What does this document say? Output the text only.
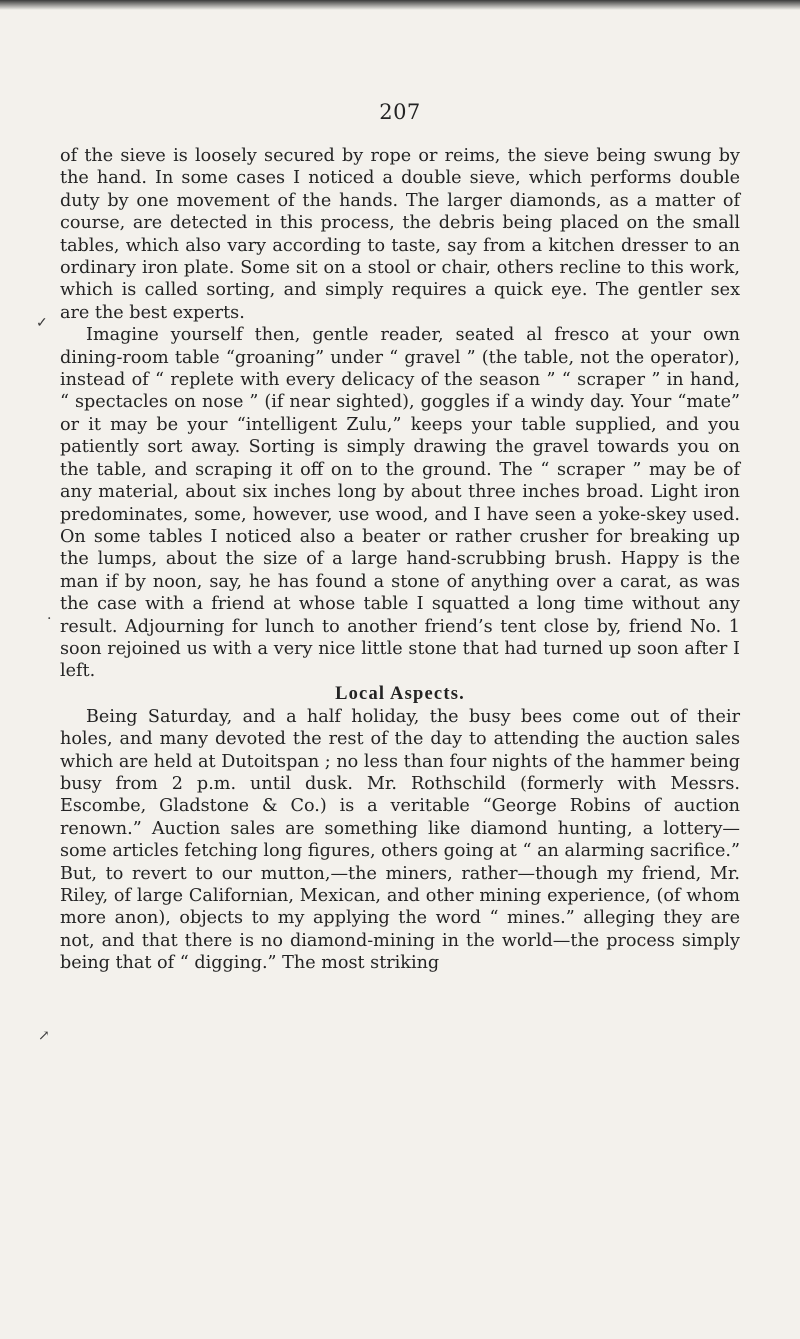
207
✓
.
↗

of the sieve is loosely secured by rope or reims, the sieve being swung by the hand. In some cases I noticed a double sieve, which performs double duty by one movement of the hands. The larger diamonds, as a matter of course, are detected in this process, the debris being placed on the small tables, which also vary according to taste, say from a kitchen dresser to an ordinary iron plate. Some sit on a stool or chair, others recline to this work, which is called sorting, and simply requires a quick eye. The gentler sex are the best experts.

Imagine yourself then, gentle reader, seated al fresco at your own dining-room table “groaning” under “ gravel ” (the table, not the operator), instead of “ replete with every delicacy of the season ” “ scraper ” in hand, “ spectacles on nose ” (if near sighted), goggles if a windy day. Your “mate” or it may be your “intelligent Zulu,” keeps your table supplied, and you patiently sort away. Sorting is simply drawing the gravel towards you on the table, and scraping it off on to the ground. The “ scraper ” may be of any material, about six inches long by about three inches broad. Light iron predominates, some, however, use wood, and I have seen a yoke-skey used. On some tables I noticed also a beater or rather crusher for breaking up the lumps, about the size of a large hand-scrubbing brush. Happy is the man if by noon, say, he has found a stone of anything over a carat, as was the case with a friend at whose table I squatted a long time without any result. Adjourning for lunch to another friend’s tent close by, friend No. 1 soon rejoined us with a very nice little stone that had turned up soon after I left.

Local Aspects.

Being Saturday, and a half holiday, the busy bees come out of their holes, and many devoted the rest of the day to attending the auction sales which are held at Dutoitspan ; no less than four nights of the hammer being busy from 2 p.m. until dusk. Mr. Rothschild (formerly with Messrs. Escombe, Gladstone & Co.) is a veritable “George Robins of auction renown.” Auction sales are something like diamond hunting, a lottery—some articles fetching long figures, others going at “ an alarming sacrifice.” But, to revert to our mutton,—the miners, rather—though my friend, Mr. Riley, of large Californian, Mexican, and other mining experience, (of whom more anon), objects to my applying the word “ mines.” alleging they are not, and that there is no diamond-mining in the world—the process simply being that of “ digging.” The most striking
